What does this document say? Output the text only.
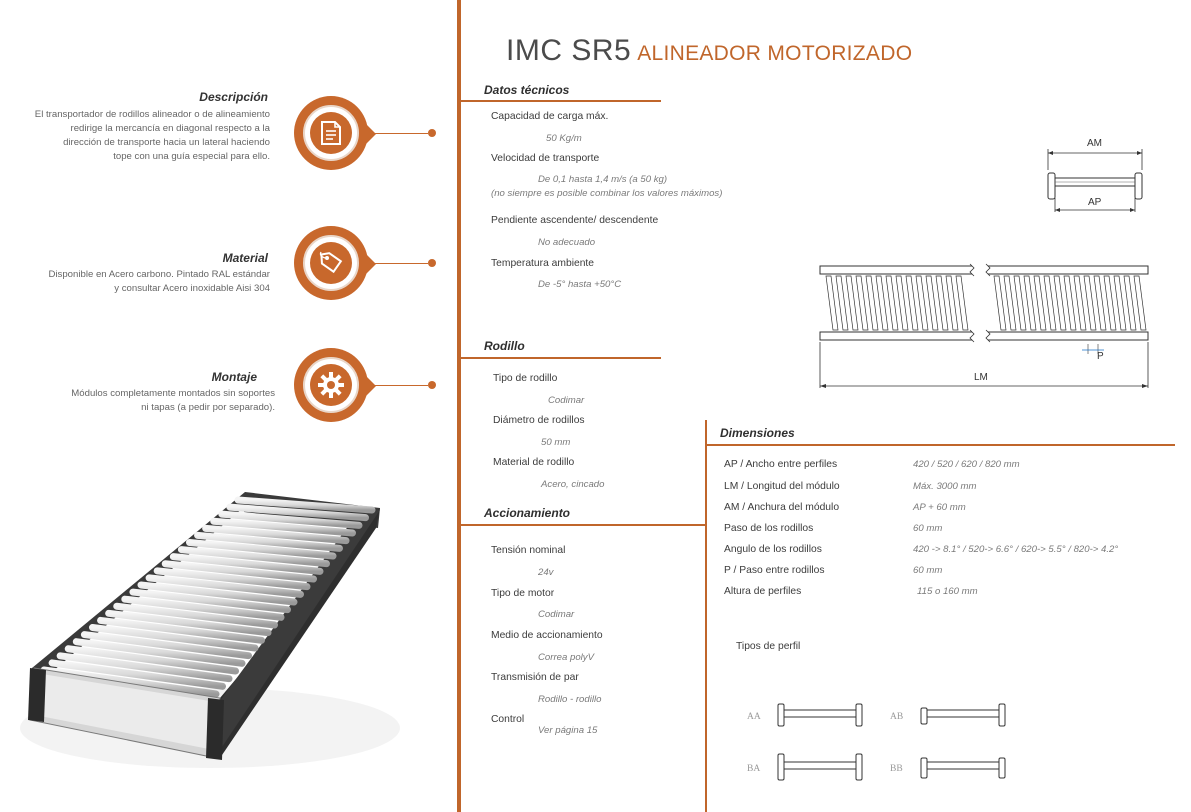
IMC SR5 ALINEADOR MOTORIZADO
Descripción
El transportador de rodillos alineador o de alineamiento
redirige la mercancía en diagonal respecto a la
dirección de transporte hacia un lateral haciendo
tope con una guía especial para ello.
Material
Disponible en Acero carbono. Pintado RAL estándar
y consultar Acero inoxidable Aisi 304
Montaje
Módulos completamente montados sin soportes
ni tapas (a pedir por separado).
Datos técnicos
Capacidad de carga máx.
50 Kg/m
Velocidad de transporte
De 0,1 hasta 1,4 m/s (a 50 kg)
(no siempre es posible combinar los valores máximos)
Pendiente ascendente/ descendente
No adecuado
Temperatura ambiente
De -5° hasta +50°C
Rodillo
Tipo de rodillo
Codimar
Diámetro de rodillos
50 mm
Material de rodillo
Acero, cincado
Accionamiento
Tensión nominal
24v
Tipo de motor
Codimar
Medio de accionamiento
Correa polyV
Transmisión de par
Rodillo - rodillo
Control
Ver página 15
Dimensiones
AP / Ancho entre perfiles	420 / 520 / 620 / 820 mm
LM / Longitud del módulo	Máx. 3000 mm
AM / Anchura del módulo	AP + 60 mm
Paso de los rodillos	60 mm
Angulo de los rodillos	420 -> 8.1° / 520-> 6.6° / 620-> 5.5° / 820-> 4.2°
P / Paso entre rodillos	60 mm
Altura de perfiles	115 o 160 mm
AM
AP
P
LM
Tipos de perfil
AA	AB
BA	BB
